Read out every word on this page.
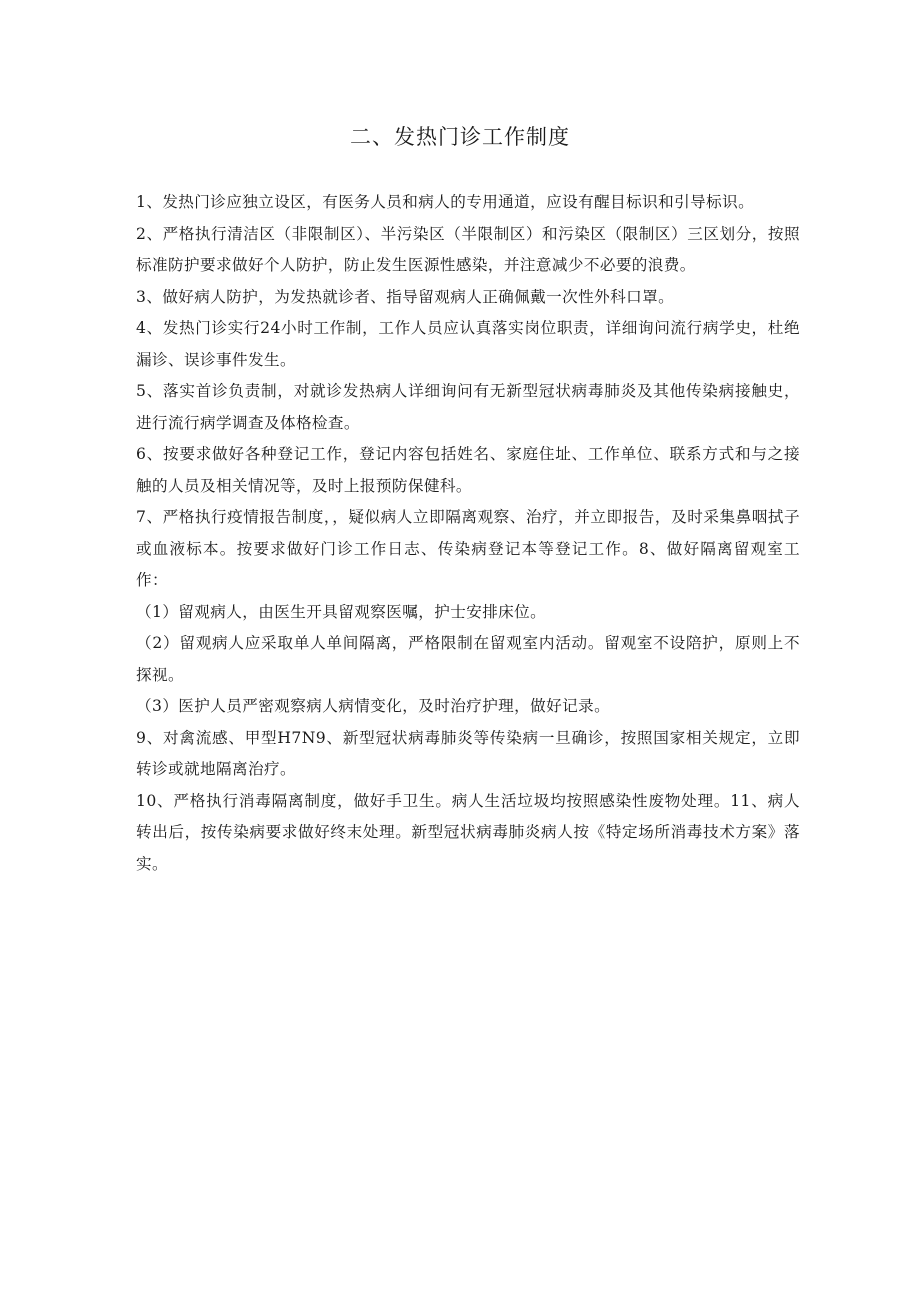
二、发热门诊工作制度

1、发热门诊应独立设区，有医务人员和病人的专用通道，应设有醒目标识和引导标识。

2、严格执行清洁区（非限制区）、半污染区（半限制区）和污染区（限制区）三区划分，按照标准防护要求做好个人防护，防止发生医源性感染，并注意减少不必要的浪费。

3、做好病人防护，为发热就诊者、指导留观病人正确佩戴一次性外科口罩。

4、发热门诊实行24小时工作制，工作人员应认真落实岗位职责，详细询问流行病学史，杜绝漏诊、误诊事件发生。

5、落实首诊负责制，对就诊发热病人详细询问有无新型冠状病毒肺炎及其他传染病接触史，进行流行病学调查及体格检查。

6、按要求做好各种登记工作，登记内容包括姓名、家庭住址、工作单位、联系方式和与之接触的人员及相关情况等，及时上报预防保健科。

7、严格执行疫情报告制度，，疑似病人立即隔离观察、治疗，并立即报告，及时采集鼻咽拭子或血液标本。按要求做好门诊工作日志、传染病登记本等登记工作。8、做好隔离留观室工作：

（1）留观病人，由医生开具留观察医嘱，护士安排床位。

（2）留观病人应采取单人单间隔离，严格限制在留观室内活动。留观室不设陪护，原则上不探视。

（3）医护人员严密观察病人病情变化，及时治疗护理，做好记录。

9、对禽流感、甲型H7N9、新型冠状病毒肺炎等传染病一旦确诊，按照国家相关规定，立即转诊或就地隔离治疗。

10、严格执行消毒隔离制度，做好手卫生。病人生活垃圾均按照感染性废物处理。11、病人转出后，按传染病要求做好终末处理。新型冠状病毒肺炎病人按《特定场所消毒技术方案》落实。
